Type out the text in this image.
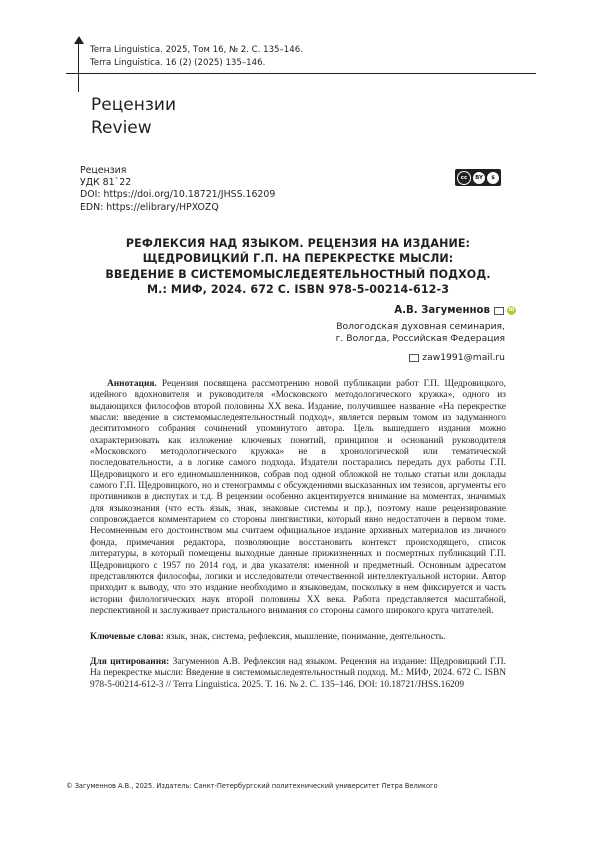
Terra Linguistica. 2025, Том 16, № 2. С. 135–146.
Terra Linguistica. 16 (2) (2025) 135–146.
Рецензии
Review
Рецензия
УДК 81`22
DOI: https://doi.org/10.18721/JHSS.16209
EDN: https://elibrary/HPXOZQ
cc	BY	$
РЕФЛЕКСИЯ НАД ЯЗЫКОМ. РЕЦЕНЗИЯ НА ИЗДАНИЕ:
ЩЕДРОВИЦКИЙ Г.П. НА ПЕРЕКРЕСТКЕ МЫСЛИ:
ВВЕДЕНИЕ В СИСТЕМОМЫСЛЕДЕЯТЕЛЬНОСТНЫЙ ПОДХОД.
М.: МИФ, 2024. 672 С. ISBN 978-5-00214-612-3
А.В. Загуменнов	iD
Вологодская духовная семинария,
г. Вологда, Российская Федерация
zaw1991@mail.ru

Аннотация. Рецензия посвящена рассмотрению новой публикации работ Г.П. Щедровицкого, идейного вдохновителя и руководителя «Московского методологического кружка», одного из выдающихся философов второй половины XX века. Издание, получившее название «На перекрестке мысли: введение в системомыследеятельностный подход», является первым томом из задуманного десятитомного собрания сочинений упомянутого автора. Цель вышедшего издания можно охарактеризовать как изложение ключевых понятий, принципов и оснований руководителя «Московского методологического кружка» не в хронологической или тематической последовательности, а в логике самого подхода. Издатели постарались передать дух работы Г.П. Щедровицкого и его единомышленников, собрав под одной обложкой не только статьи или доклады самого Г.П. Щедровицкого, но и стенограммы с обсуждениями высказанных им тезисов, аргументы его противников в диспутах и т.д. В рецензии особенно акцентируется внимание на моментах, значимых для языкознания (что есть язык, знак, знаковые системы и пр.), поэтому наше рецензирование сопровождается комментарием со стороны лингвистики, который явно недостаточен в первом томе. Несомненным его достоинством мы считаем официальное издание архивных материалов из личного фонда, примечания редактора, позволяющие восстановить контекст происходящего, список литературы, в который помещены выходные данные прижизненных и посмертных публикаций Г.П. Щедровицкого с 1957 по 2014 год, и два указателя: именной и предметный. Основным адресатом представляются философы, логики и исследователи отечественной интеллектуальной истории. Автор приходит к выводу, что это издание необходимо и языковедам, поскольку в нем фиксируется и часть истории филологических наук второй половины XX века. Работа представляется масштабной, перспективной и заслуживает пристального внимания со стороны самого широкого круга читателей.

Ключевые слова: язык, знак, система, рефлексия, мышление, понимание, деятельность.

Для цитирования: Загуменнов А.В. Рефлексия над языком. Рецензия на издание: Щедровицкий Г.П. На перекрестке мысли: Введение в системомыследеятельностный подход. М.: МИФ, 2024. 672 С. ISBN 978-5-00214-612-3 // Terra Linguistica. 2025. Т. 16. № 2. С. 135–146. DOI: 10.18721/JHSS.16209

© Загуменнов А.В., 2025. Издатель: Санкт-Петербургский политехнический университет Петра Великого
